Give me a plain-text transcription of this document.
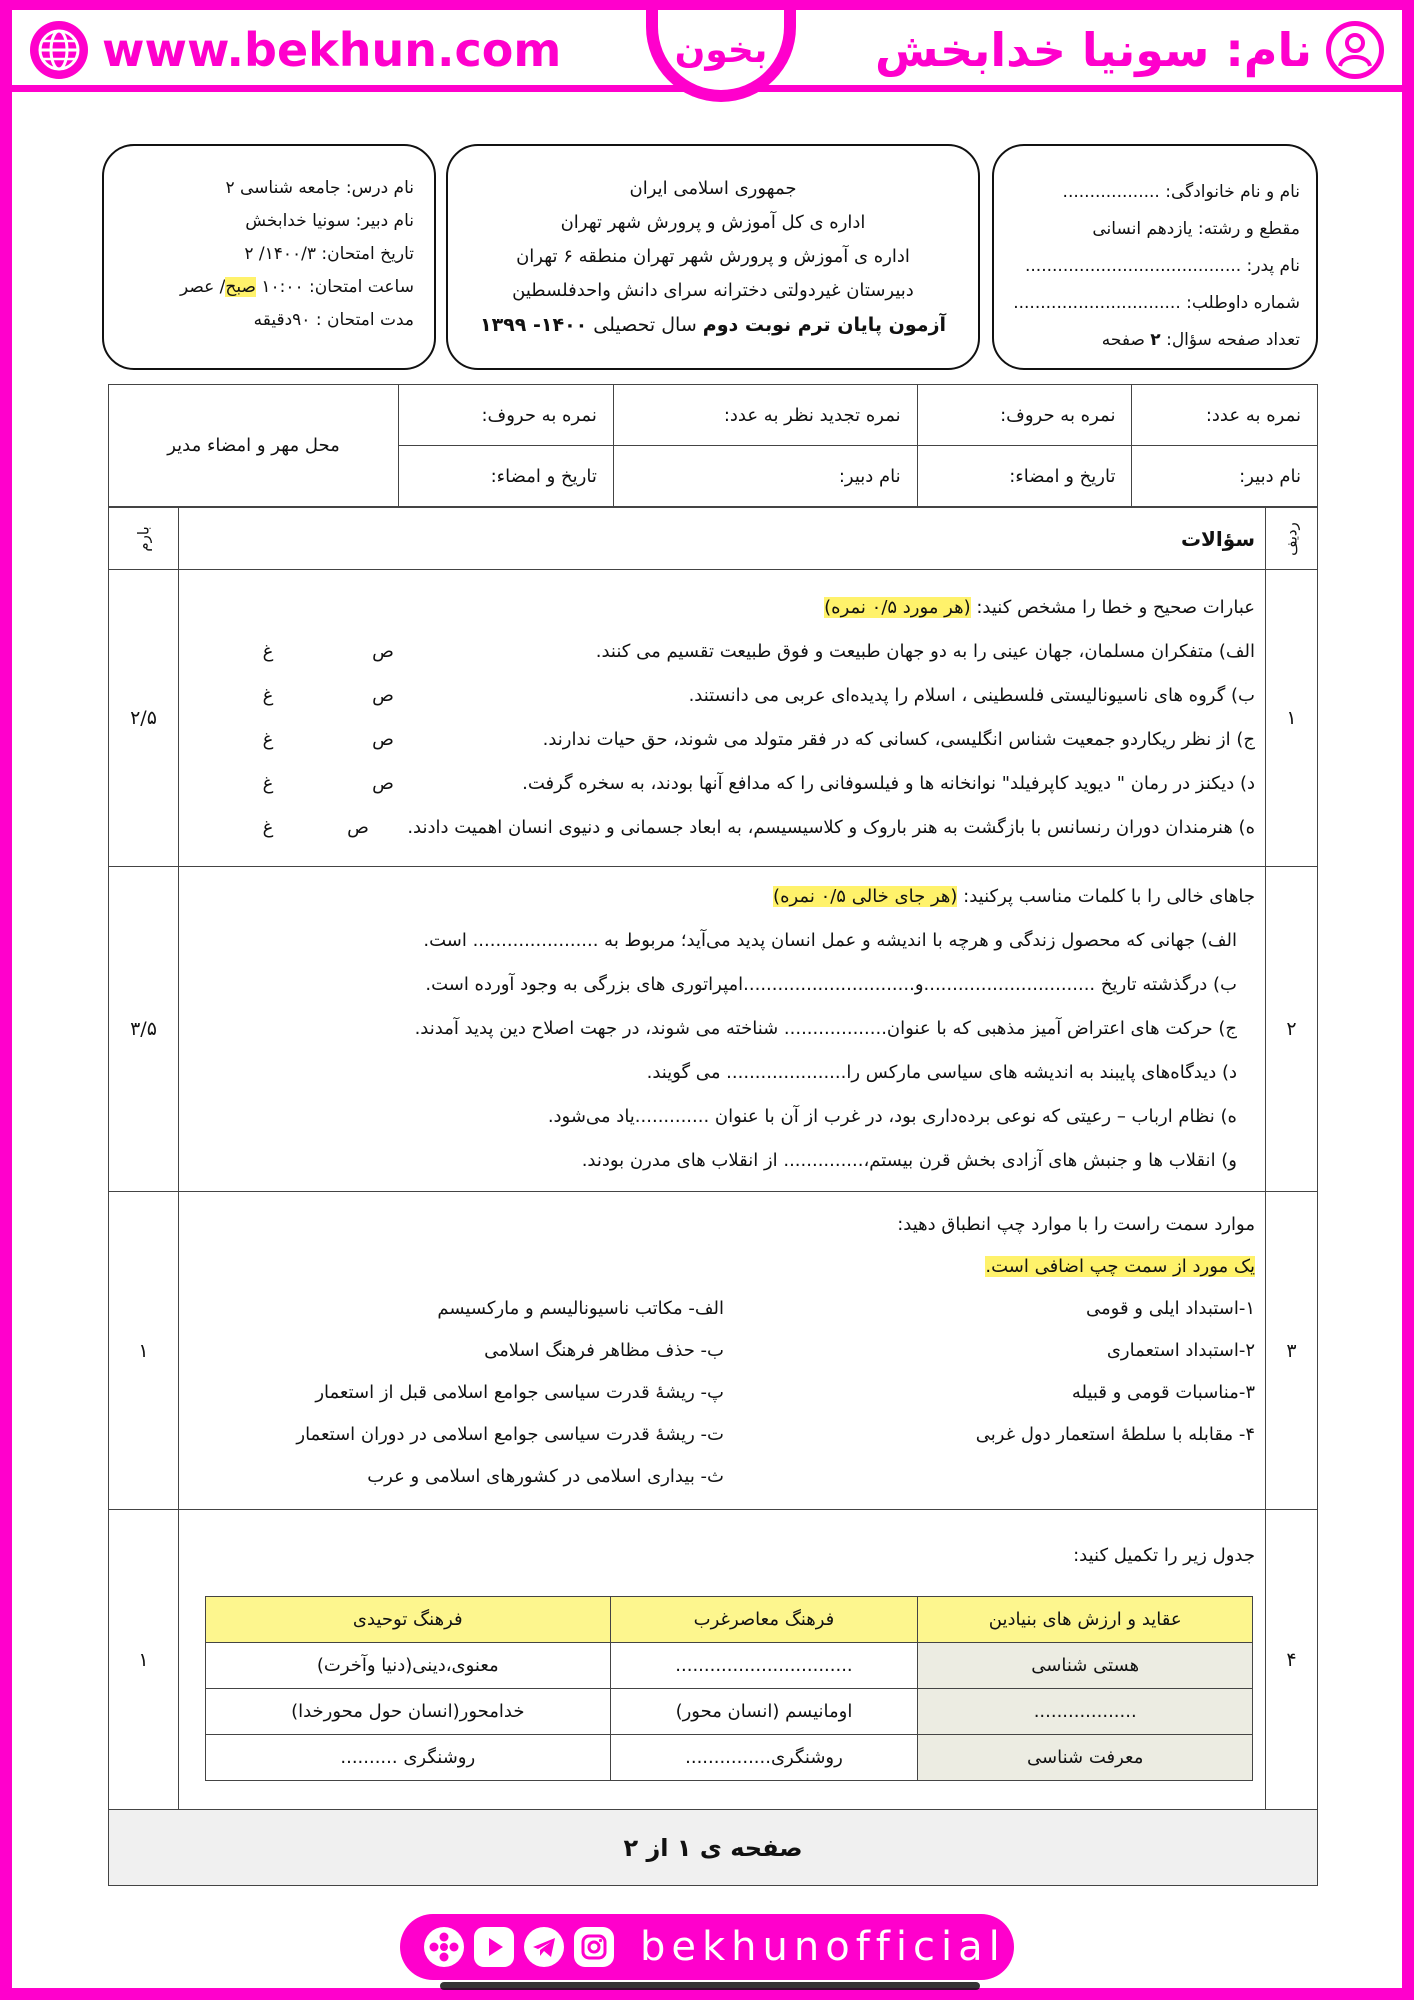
www.bekhun.com	بخون	نام: سونیا خدابخش
نام و نام خانوادگی: ..................
مقطع و رشته: یازدهم انسانی
نام پدر: ........................................
شماره داوطلب: ...............................
تعداد صفحه سؤال: ۲ صفحه
جمهوری اسلامی ایران
اداره ی کل آموزش و پرورش شهر تهران
اداره ی آموزش و پرورش شهر تهران منطقه ۶ تهران
دبیرستان غیردولتی دخترانه سرای دانش واحدفلسطین
آزمون پایان ترم نوبت دوم سال تحصیلی ۱۴۰۰- ۱۳۹۹
نام درس: جامعه شناسی ۲
نام دبیر: سونیا خدابخش
تاریخ امتحان: ۱۴۰۰/۳/ ۲
ساعت امتحان: ۱۰:۰۰ صبح/ عصر
مدت امتحان : ۹۰دقیقه
نمره به عدد:	نمره به حروف:	نمره تجدید نظر به عدد:	نمره به حروف:	محل مهر و امضاء مدیر
نام دبیر:	تاریخ و امضاء:	نام دبیر:	تاریخ و امضاء:	
ردیف
	سؤالات	
بارم

۱	
عبارات صحیح و خطا را مشخص کنید: (هر مورد ۰/۵ نمره)
الف) متفکران مسلمان، جهان عینی را به دو جهان طبیعت و فوق طبیعت تقسیم می کنند.
ص
غ
ب) گروه های ناسیونالیستی فلسطینی ، اسلام را پدیده‌ای عربی می دانستند.
ص
غ
ج) از نظر ریکاردو جمعیت شناس انگلیسی، کسانی که در فقر متولد می شوند، حق حیات ندارند.
ص
غ
د) دیکنز در رمان " دیوید کاپرفیلد" نوانخانه ها و فیلسوفانی را که مدافع آنها بودند، به سخره گرفت.
ص
غ
ه) هنرمندان دوران رنسانس با بازگشت به هنر باروک و کلاسیسیسم، به ابعاد جسمانی و دنیوی انسان اهمیت دادند.
ص
غ
	۲/۵
۲	
جاهای خالی را با کلمات مناسب پرکنید: (هر جای خالی ۰/۵ نمره)
الف) جهانی که محصول زندگی و هرچه با اندیشه و عمل انسان پدید می‌آید؛ مربوط به ...................... است.
ب) درگذشته تاریخ ..............................و..............................امپراتوری های بزرگی به وجود آورده است.
ج) حرکت های اعتراض آمیز مذهبی که با عنوان.................. شناخته می شوند، در جهت اصلاح دین پدید آمدند.
د) دیدگاه‌های پایبند به اندیشه های سیاسی مارکس را..................... می گویند.
ه) نظام ارباب – رعیتی که نوعی برده‌داری بود، در غرب از آن با عنوان .............یاد می‌شود.
و) انقلاب ها و جنبش های آزادی بخش قرن بیستم،.............. از انقلاب های مدرن بودند.
	۳/۵
۳	
موارد سمت راست را با موارد چپ انطباق دهید:
یک مورد از سمت چپ اضافی است.
۱-استبداد ایلی و قومی
۲-استبداد استعماری
۳-مناسبات قومی و قبیله
۴- مقابله با سلطهٔ استعمار دول غربی
الف- مکاتب ناسیونالیسم و مارکسیسم
ب- حذف مظاهر فرهنگ اسلامی
پ- ریشهٔ قدرت سیاسی جوامع اسلامی قبل از استعمار
ت- ریشهٔ قدرت سیاسی جوامع اسلامی در دوران استعمار
ث- بیداری اسلامی در کشورهای اسلامی و عرب
	۱
۴	
جدول زیر را تکمیل کنید:
عقاید و ارزش های بنیادین	فرهنگ معاصرغرب	فرهنگ توحیدی
هستی شناسی	...............................	معنوی،دینی(دنیا وآخرت)
..................	اومانیسم (انسان محور)	خدامحور(انسان حول محورخدا)
معرفت شناسی	روشنگری...............	روشنگری ..........
	۱
صفحه ی ۱ از ۲
bekhunofficial
